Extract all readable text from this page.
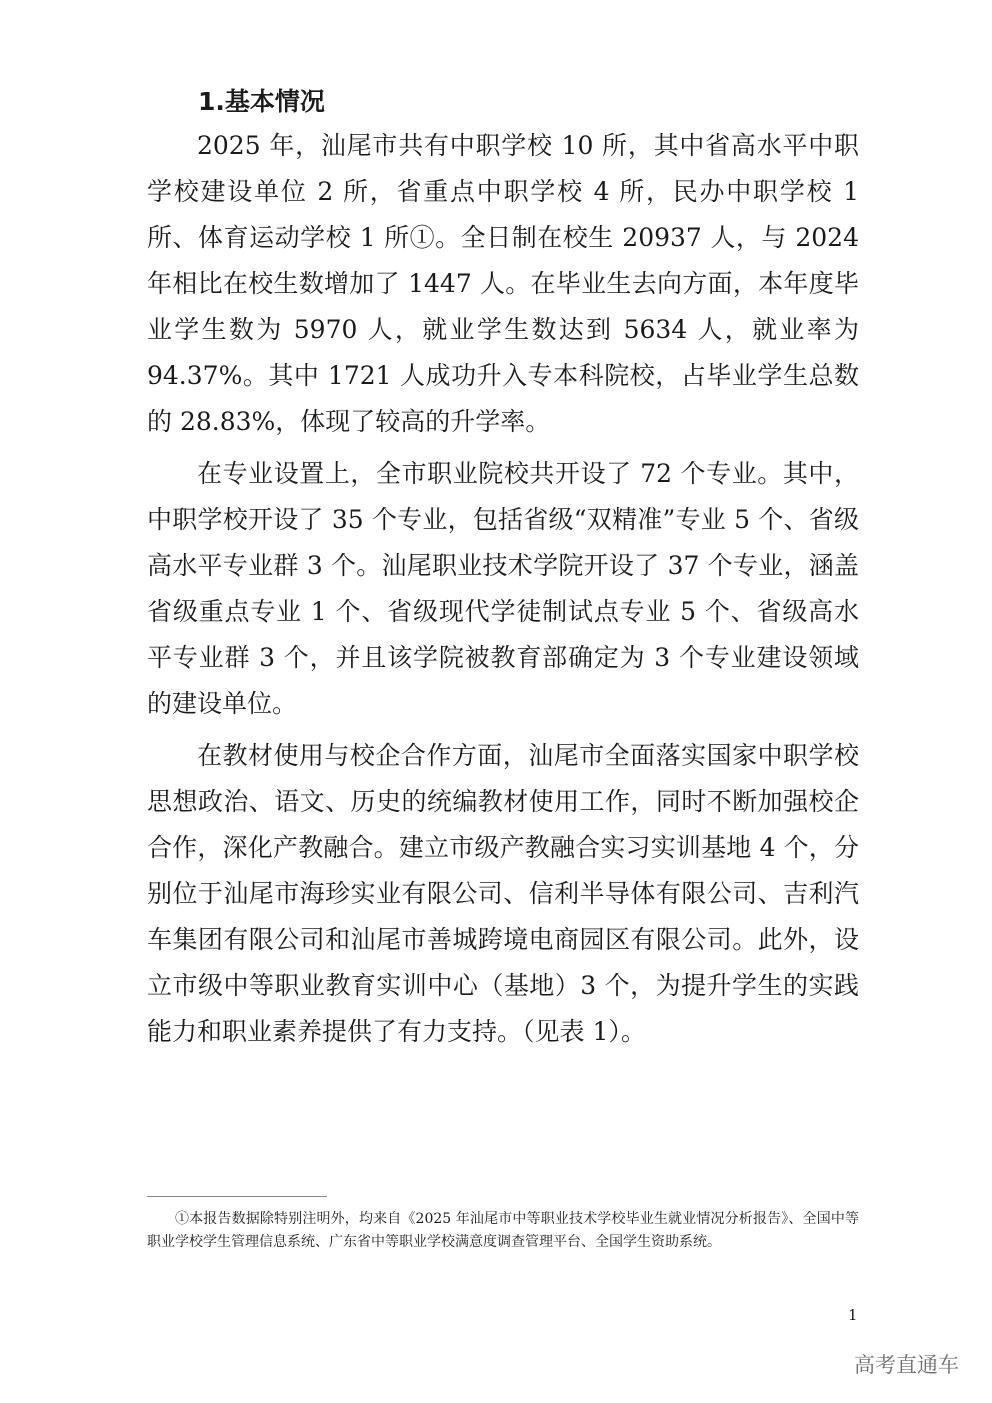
1.基本情况

2025 年，汕尾市共有中职学校 10 所，其中省高水平中职学校建设单位 2 所，省重点中职学校 4 所，民办中职学校 1 所、体育运动学校 1 所①。全日制在校生 20937 人，与 2024 年相比在校生数增加了 1447 人。在毕业生去向方面，本年度毕业学生数为 5970 人，就业学生数达到 5634 人，就业率为 94.37%。其中 1721 人成功升入专本科院校，占毕业学生总数的 28.83%，体现了较高的升学率。

在专业设置上，全市职业院校共开设了 72 个专业。其中，中职学校开设了 35 个专业，包括省级“双精准”专业 5 个、省级高水平专业群 3 个。汕尾职业技术学院开设了 37 个专业，涵盖省级重点专业 1 个、省级现代学徒制试点专业 5 个、省级高水平专业群 3 个，并且该学院被教育部确定为 3 个专业建设领域的建设单位。

在教材使用与校企合作方面，汕尾市全面落实国家中职学校思想政治、语文、历史的统编教材使用工作，同时不断加强校企合作，深化产教融合。建立市级产教融合实习实训基地 4 个，分别位于汕尾市海珍实业有限公司、信利半导体有限公司、吉利汽车集团有限公司和汕尾市善城跨境电商园区有限公司。此外，设立市级中等职业教育实训中心（基地）3 个，为提升学生的实践能力和职业素养提供了有力支持。（见表 1）。

①本报告数据除特别注明外，均来自《2025 年汕尾市中等职业技术学校毕业生就业情况分析报告》、全国中等职业学校学生管理信息系统、广东省中等职业学校满意度调查管理平台、全国学生资助系统。

1
高考直通车
